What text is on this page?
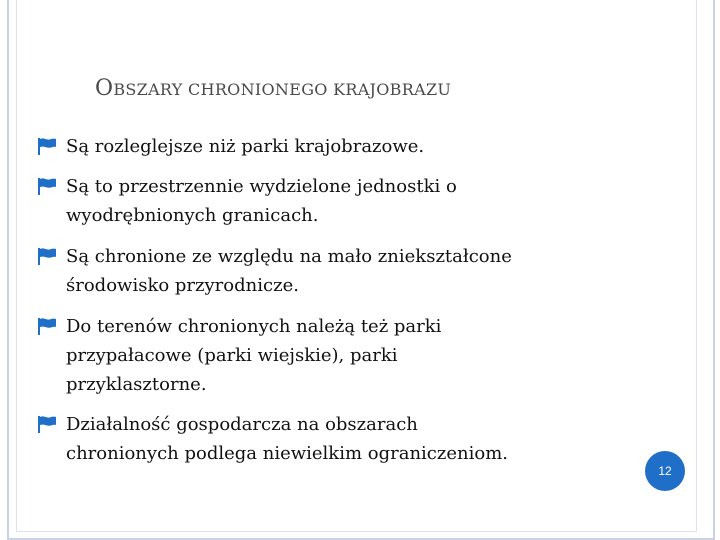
OBSZARY CHRONIONEGO KRAJOBRAZU
Są rozleglejsze niż parki krajobrazowe.
Są to przestrzennie wydzielone jednostki o
wyodrębnionych granicach.
Są chronione ze względu na mało zniekształcone
środowisko przyrodnicze.
Do terenów chronionych należą też parki
przypałacowe (parki wiejskie), parki
przyklasztorne.
Działalność gospodarcza na obszarach
chronionych podlega niewielkim ograniczeniom.
12
